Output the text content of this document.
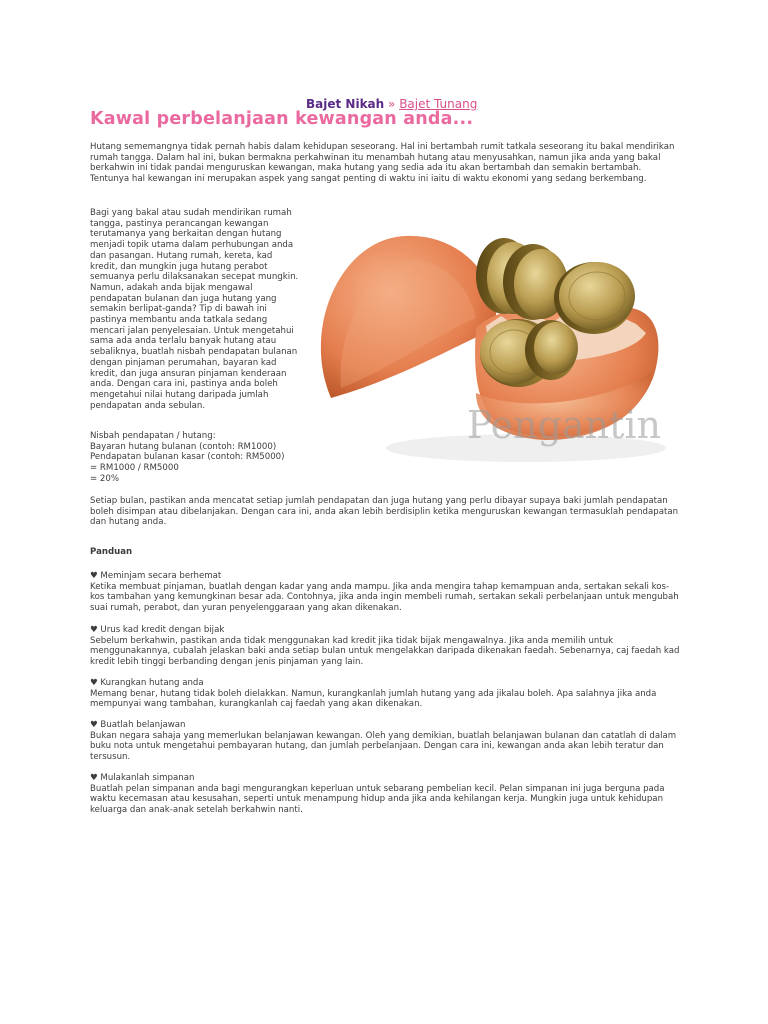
Bajet Nikah » Bajet Tunang
Kawal perbelanjaan kewangan anda...

Hutang sememangnya tidak pernah habis dalam kehidupan seseorang. Hal ini bertambah rumit tatkala seseorang itu bakal mendirikan rumah tangga. Dalam hal ini, bukan bermakna perkahwinan itu menambah hutang atau menyusahkan, namun jika anda yang bakal berkahwin ini tidak pandai menguruskan kewangan, maka hutang yang sedia ada itu akan bertambah dan semakin bertambah. Tentunya hal kewangan ini merupakan aspek yang sangat penting di waktu ini iaitu di waktu ekonomi yang sedang berkembang.

Bagi yang bakal atau sudah mendirikan rumah tangga, pastinya perancangan kewangan terutamanya yang berkaitan dengan hutang menjadi topik utama dalam perhubungan anda dan pasangan. Hutang rumah, kereta, kad kredit, dan mungkin juga hutang perabot semuanya perlu dilaksanakan secepat mungkin. Namun, adakah anda bijak mengawal pendapatan bulanan dan juga hutang yang semakin berlipat-ganda? Tip di bawah ini pastinya membantu anda tatkala sedang mencari jalan penyelesaian. Untuk mengetahui sama ada anda terlalu banyak hutang atau sebaliknya, buatlah nisbah pendapatan bulanan dengan pinjaman perumahan, bayaran kad kredit, dan juga ansuran pinjaman kenderaan anda. Dengan cara ini, pastinya anda boleh mengetahui nilai hutang daripada jumlah pendapatan anda sebulan.

Nisbah pendapatan / hutang:
Bayaran hutang bulanan (contoh: RM1000)
Pendapatan bulanan kasar (contoh: RM5000)
= RM1000 / RM5000
= 20%
Pengantin

Setiap bulan, pastikan anda mencatat setiap jumlah pendapatan dan juga hutang yang perlu dibayar supaya baki jumlah pendapatan boleh disimpan atau dibelanjakan. Dengan cara ini, anda akan lebih berdisiplin ketika menguruskan kewangan termasuklah pendapatan dan hutang anda.

Panduan
♥ Meminjam secara berhemat
Ketika membuat pinjaman, buatlah dengan kadar yang anda mampu. Jika anda mengira tahap kemampuan anda, sertakan sekali kos-kos tambahan yang kemungkinan besar ada. Contohnya, jika anda ingin membeli rumah, sertakan sekali perbelanjaan untuk mengubah suai rumah, perabot, dan yuran penyelenggaraan yang akan dikenakan.
♥ Urus kad kredit dengan bijak
Sebelum berkahwin, pastikan anda tidak menggunakan kad kredit jika tidak bijak mengawalnya. Jika anda memilih untuk menggunakannya, cubalah jelaskan baki anda setiap bulan untuk mengelakkan daripada dikenakan faedah. Sebenarnya, caj faedah kad kredit lebih tinggi berbanding dengan jenis pinjaman yang lain.
♥ Kurangkan hutang anda
Memang benar, hutang tidak boleh dielakkan. Namun, kurangkanlah jumlah hutang yang ada jikalau boleh. Apa salahnya jika anda mempunyai wang tambahan, kurangkanlah caj faedah yang akan dikenakan.
♥ Buatlah belanjawan
Bukan negara sahaja yang memerlukan belanjawan kewangan. Oleh yang demikian, buatlah belanjawan bulanan dan catatlah di dalam buku nota untuk mengetahui pembayaran hutang, dan jumlah perbelanjaan. Dengan cara ini, kewangan anda akan lebih teratur dan tersusun.
♥ Mulakanlah simpanan
Buatlah pelan simpanan anda bagi mengurangkan keperluan untuk sebarang pembelian kecil. Pelan simpanan ini juga berguna pada waktu kecemasan atau kesusahan, seperti untuk menampung hidup anda jika anda kehilangan kerja. Mungkin juga untuk kehidupan keluarga dan anak-anak setelah berkahwin nanti.
